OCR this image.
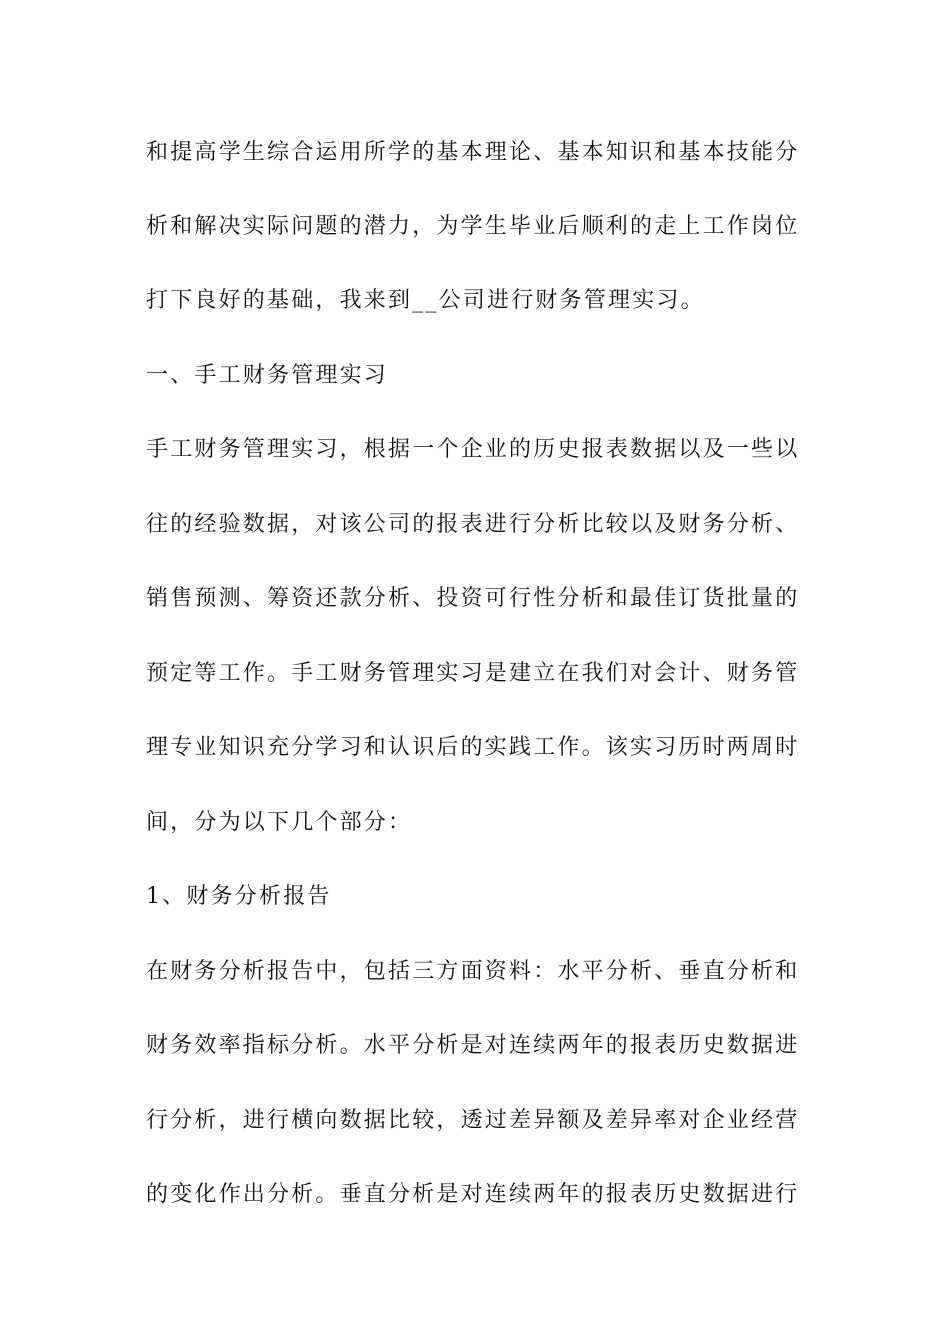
和提高学生综合运用所学的基本理论、基本知识和基本技能分
析和解决实际问题的潜力，为学生毕业后顺利的走上工作岗位
打下良好的基础，我来到__公司进行财务管理实习。
一、手工财务管理实习
手工财务管理实习，根据一个企业的历史报表数据以及一些以
往的经验数据，对该公司的报表进行分析比较以及财务分析、
销售预测、筹资还款分析、投资可行性分析和最佳订货批量的
预定等工作。手工财务管理实习是建立在我们对会计、财务管
理专业知识充分学习和认识后的实践工作。该实习历时两周时
间，分为以下几个部分：
1、财务分析报告
在财务分析报告中，包括三方面资料：水平分析、垂直分析和
财务效率指标分析。水平分析是对连续两年的报表历史数据进
行分析，进行横向数据比较，透过差异额及差异率对企业经营
的变化作出分析。垂直分析是对连续两年的报表历史数据进行
